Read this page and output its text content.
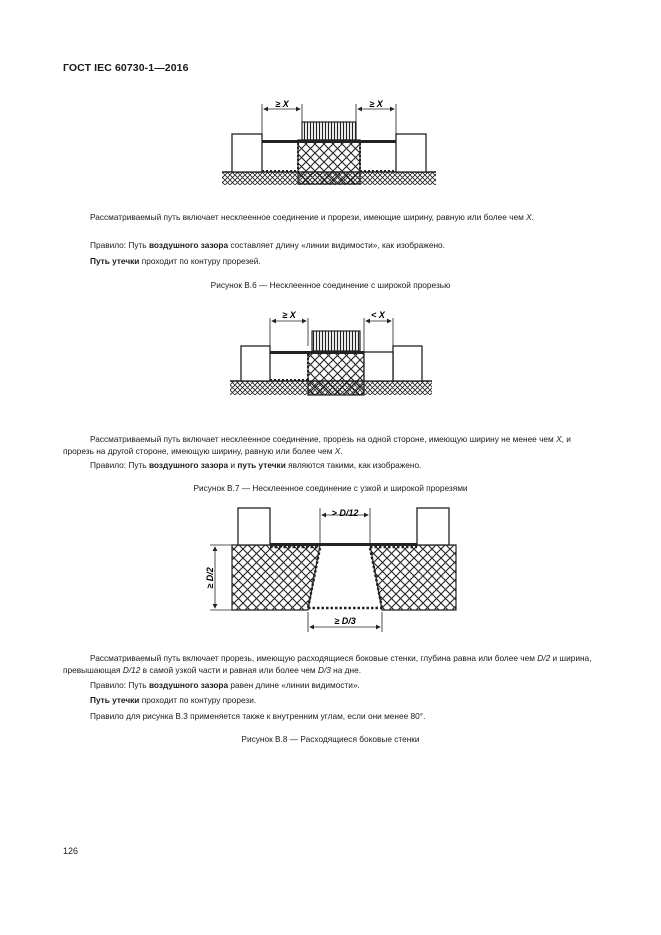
ГОСТ IEC 60730-1—2016
≥ X	≥ X
≥ X	< X
> D/12
≥ D/2
≥ D/3
Рассматриваемый путь включает несклеенное соединение и прорези, имеющие ширину, равную или более чем X.
Правило: Путь воздушного зазора составляет длину «линии видимости», как изображено.
Путь утечки проходит по контуру прорезей.
Рисунок В.6 — Несклеенное соединение с широкой прорезью
Рассматриваемый путь включает несклеенное соединение, прорезь на одной стороне, имеющую ширину не менее чем X, и прорезь на другой стороне, имеющую ширину, равную или более чем X.
Правило: Путь воздушного зазора и путь утечки являются такими, как изображено.
Рисунок В.7 — Несклеенное соединение с узкой и широкой прорезями
Рассматриваемый путь включает прорезь, имеющую расходящиеся боковые стенки, глубина равна или более чем D/2 и ширина, превышающая D/12 в самой узкой части и равная или более чем D/3 на дне.
Правило: Путь воздушного зазора равен длине «линии видимости».
Путь утечки проходит по контуру прорези.
Правило для рисунка В.3 применяется также к внутренним углам, если они менее 80°.
Рисунок В.8 — Расходящиеся боковые стенки
126
